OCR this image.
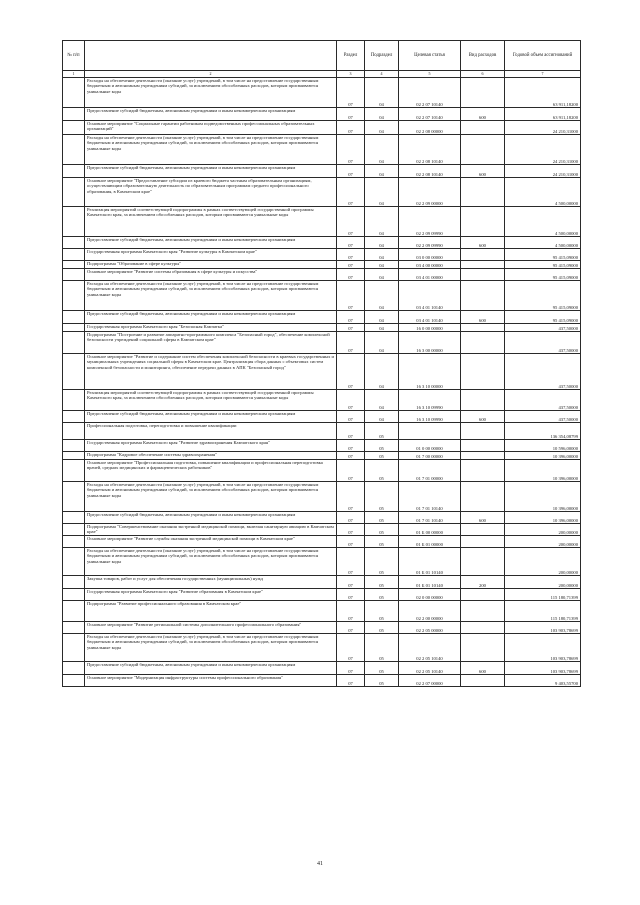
№ п/п		Раздел	Подраздел	Целевая статья	Вид расходов	Годовой объем ассигнований
1	2	3	4	5	6	7
	Расходы на обеспечение деятельности (оказание услуг) учреждений, в том числе на предоставление государственным бюджетным и автономным учреждениям субсидий, за исключением обособленных расходов, которым присваиваются уникальные коды	07	04	02 2 07 10140		63 911,18200
	Предоставление субсидий бюджетным, автономным учреждениям и иным некоммерческим организациям	07	04	02 2 07 10140	600	63 911,18200
	Основное мероприятие "Социальные гарантии работникам подведомственных профессиональных образовательных организаций"	07	04	02 2 08 00000		24 210,31000
	Расходы на обеспечение деятельности (оказание услуг) учреждений, в том числе на предоставление государственным бюджетным и автономным учреждениям субсидий, за исключением обособленных расходов, которым присваиваются уникальные коды	07	04	02 2 08 10140		24 210,31000
	Предоставление субсидий бюджетным, автономным учреждениям и иным некоммерческим организациям	07	04	02 2 08 10140	600	24 210,31000
	Основное мероприятие "Предоставление субсидии из краевого бюджета частным образовательным организациям, осуществляющим образовательную деятельность по образовательным программам среднего профессионального образования, в Камчатском крае"	07	04	02 2 09 00000		4 500,00000
	Реализация мероприятий соответствующей подпрограммы в рамках соответствующей государственной программы Камчатского края, за исключением обособленных расходов, которым присваиваются уникальные коды	07	04	02 2 09 09990		4 500,00000
	Предоставление субсидий бюджетным, автономным учреждениям и иным некоммерческим организациям	07	04	02 2 09 09990	600	4 500,00000
	Государственная программа Камчатского края "Развитие культуры в Камчатском крае"	07	04	03 0 00 00000		95 415,09000
	Подпрограмма "Образование в сфере культуры"	07	04	03 4 00 00000		95 415,09000
	Основное мероприятие "Развитие системы образования в сфере культуры и искусства"	07	04	03 4 01 00000		95 415,09000
	Расходы на обеспечение деятельности (оказание услуг) учреждений, в том числе на предоставление государственным бюджетным и автономным учреждениям субсидий, за исключением обособленных расходов, которым присваиваются уникальные коды	07	04	03 4 01 10140		95 415,09000
	Предоставление субсидий бюджетным, автономным учреждениям и иным некоммерческим организациям	07	04	03 4 01 10140	600	95 415,09000
	Государственная программа Камчатского края "Безопасная Камчатка"	07	04	16 0 00 00000		437,50000
	Подпрограмма "Построение и развитие аппаратно-программного комплекса "Безопасный город", обеспечение комплексной безопасности учреждений социальной сферы в Камчатском крае"	07	04	16 3 00 00000		437,50000
	Основное мероприятие "Развитие и содержание систем обеспечения комплексной безопасности в краевых государственных и муниципальных учреждениях социальной сферы в Камчатском крае. Централизация сбора данных с объектовых систем комплексной безопасности и мониторинга, обеспечение передачи данных в АПК "Безопасный город"	07	04	16 3 10 00000		437,50000
	Реализация мероприятий соответствующей подпрограммы в рамках соответствующей государственной программы Камчатского края, за исключением обособленных расходов, которым присваиваются уникальные коды	07	04	16 3 10 09990		437,50000
	Предоставление субсидий бюджетным, автономным учреждениям и иным некоммерческим организациям	07	04	16 3 10 09990	600	437,50000
	Профессиональная подготовка, переподготовка и повышение квалификации	07	05			136 354,08799
	Государственная программа Камчатского края "Развитие здравоохранения Камчатского края"	07	05	01 0 00 00000		10 596,00000
	Подпрограмма "Кадровое обеспечение системы здравоохранения"	07	05	01 7 00 00000		10 396,00000
	Основное мероприятие "Профессиональная подготовка, повышение квалификации и профессиональная переподготовка врачей, средних медицинских и фармацевтических работников"	07	05	01 7 01 00000		10 396,00000
	Расходы на обеспечение деятельности (оказание услуг) учреждений, в том числе на предоставление государственным бюджетным и автономным учреждениям субсидий, за исключением обособленных расходов, которым присваиваются уникальные коды	07	05	01 7 01 10140		10 396,00000
	Предоставление субсидий бюджетным, автономным учреждениям и иным некоммерческим организациям	07	05	01 7 01 10140	600	10 396,00000
	Подпрограмма "Совершенствование оказания экстренной медицинской помощи, включая санитарную авиацию в Камчатском крае"	07	05	01 Б 00 00000		200,00000
	Основное мероприятие "Развитие службы оказания экстренной медицинской помощи в Камчатском крае"	07	05	01 Б 01 00000		200,00000
	Расходы на обеспечение деятельности (оказание услуг) учреждений, в том числе на предоставление государственным бюджетным и автономным учреждениям субсидий, за исключением обособленных расходов, которым присваиваются уникальные коды	07	05	01 Б 01 10140		200,00000
	Закупка товаров, работ и услуг для обеспечения государственных (муниципальных) нужд	07	05	01 Б 01 10140	200	200,00000
	Государственная программа Камчатского края "Развитие образования в Камчатском крае"	07	05	02 0 00 00000		115 180,71399
	Подпрограмма "Развитие профессионального образования в Камчатском крае"	07	05	02 2 00 00000		115 180,71399
	Основное мероприятие "Развитие региональной системы дополнительного профессионального образования"	07	05	02 2 05 00000		103 903,78699
	Расходы на обеспечение деятельности (оказание услуг) учреждений, в том числе на предоставление государственным бюджетным и автономным учреждениям субсидий, за исключением обособленных расходов, которым присваиваются уникальные коды	07	05	02 2 05 10140		103 903,78699
	Предоставление субсидий бюджетным, автономным учреждениям и иным некоммерческим организациям	07	05	02 2 05 10140	600	103 903,78699
	Основное мероприятие "Модернизация инфраструктуры системы профессионального образования"	07	05	02 2 07 00000		9 403,55700
41
